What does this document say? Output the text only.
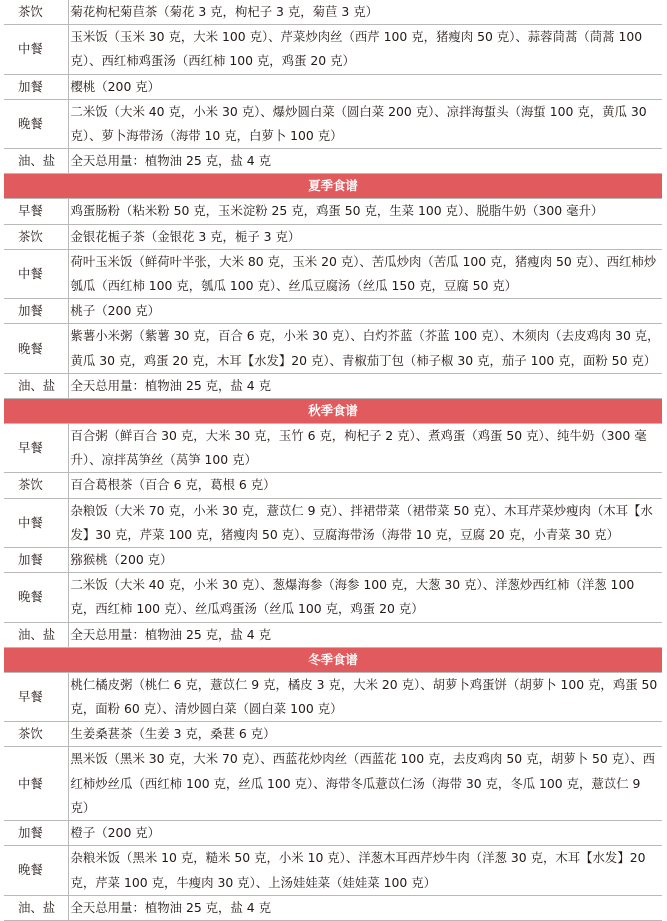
茶饮	菊花枸杞菊苣茶（菊花 3 克，枸杞子 3 克，菊苣 3 克）
中餐	玉米饭（玉米 30 克，大米 100 克）、芹菜炒肉丝（西芹 100 克，猪瘦肉 50 克）、蒜蓉茼蒿（茼蒿 100 克）、西红柿鸡蛋汤（西红柿 100 克，鸡蛋 20 克）
加餐	樱桃（200 克）
晚餐	二米饭（大米 40 克，小米 30 克）、爆炒圆白菜（圆白菜 200 克）、凉拌海蜇头（海蜇 100 克，黄瓜 30 克）、萝卜海带汤（海带 10 克，白萝卜 100 克）
油、盐	全天总用量：植物油 25 克，盐 4 克
夏季食谱	
早餐	鸡蛋肠粉（粘米粉 50 克，玉米淀粉 25 克，鸡蛋 50 克，生菜 100 克）、脱脂牛奶（300 毫升）
茶饮	金银花栀子茶（金银花 3 克，栀子 3 克）
中餐	荷叶玉米饭（鲜荷叶半张，大米 80 克，玉米 20 克）、苦瓜炒肉（苦瓜 100 克，猪瘦肉 50 克）、西红柿炒瓠瓜（西红柿 100 克，瓠瓜 100 克）、丝瓜豆腐汤（丝瓜 150 克，豆腐 50 克）
加餐	桃子（200 克）
晚餐	紫薯小米粥（紫薯 30 克，百合 6 克，小米 30 克）、白灼芥蓝（芥蓝 100 克）、木须肉（去皮鸡肉 30 克，黄瓜 30 克，鸡蛋 20 克，木耳【水发】20 克）、青椒茄丁包（柿子椒 30 克，茄子 100 克，面粉 50 克）
油、盐	全天总用量：植物油 25 克，盐 4 克
秋季食谱	
早餐	百合粥（鲜百合 30 克，大米 30 克，玉竹 6 克，枸杞子 2 克）、煮鸡蛋（鸡蛋 50 克）、纯牛奶（300 毫升）、凉拌莴笋丝（莴笋 100 克）
茶饮	百合葛根茶（百合 6 克，葛根 6 克）
中餐	杂粮饭（大米 70 克，小米 30 克，薏苡仁 9 克）、拌裙带菜（裙带菜 50 克）、木耳芹菜炒瘦肉（木耳【水发】30 克，芹菜 100 克，猪瘦肉 50 克）、豆腐海带汤（海带 10 克，豆腐 20 克，小青菜 30 克）
加餐	猕猴桃（200 克）
晚餐	二米饭（大米 40 克，小米 30 克）、葱爆海参（海参 100 克，大葱 30 克）、洋葱炒西红柿（洋葱 100 克，西红柿 100 克）、丝瓜鸡蛋汤（丝瓜 100 克，鸡蛋 20 克）
油、盐	全天总用量：植物油 25 克，盐 4 克
冬季食谱	
早餐	桃仁橘皮粥（桃仁 6 克，薏苡仁 9 克，橘皮 3 克，大米 20 克）、胡萝卜鸡蛋饼（胡萝卜 100 克，鸡蛋 50 克，面粉 60 克）、清炒圆白菜（圆白菜 100 克）
茶饮	生姜桑葚茶（生姜 3 克，桑葚 6 克）
中餐	黑米饭（黑米 30 克，大米 70 克）、西蓝花炒肉丝（西蓝花 100 克，去皮鸡肉 50 克，胡萝卜 50 克）、西红柿炒丝瓜（西红柿 100 克，丝瓜 100 克）、海带冬瓜薏苡仁汤（海带 30 克，冬瓜 100 克，薏苡仁 9 克）
加餐	橙子（200 克）
晚餐	杂粮米饭（黑米 10 克，糙米 50 克，小米 10 克）、洋葱木耳西芹炒牛肉（洋葱 30 克，木耳【水发】20 克，芹菜 100 克，牛瘦肉 30 克）、上汤娃娃菜（娃娃菜 100 克）
油、盐	全天总用量：植物油 25 克，盐 4 克
